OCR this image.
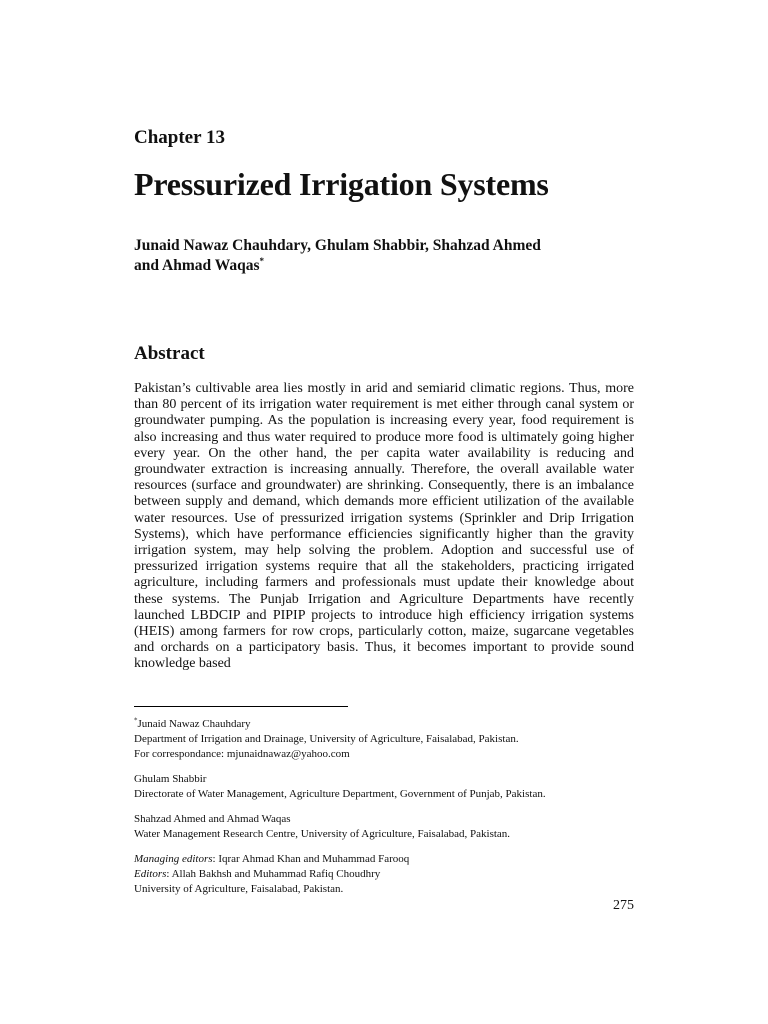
Chapter 13
Pressurized Irrigation Systems
Junaid Nawaz Chauhdary, Ghulam Shabbir, Shahzad Ahmed
and Ahmad Waqas*
Abstract

Pakistan’s cultivable area lies mostly in arid and semiarid climatic regions. Thus, more than 80 percent of its irrigation water requirement is met either through canal system or groundwater pumping. As the population is increasing every year, food requirement is also increasing and thus water required to produce more food is ultimately going higher every year. On the other hand, the per capita water availability is reducing and groundwater extraction is increasing annually. Therefore, the overall available water resources (surface and groundwater) are shrinking. Consequently, there is an imbalance between supply and demand, which demands more efficient utilization of the available water resources. Use of pressurized irrigation systems (Sprinkler and Drip Irrigation Systems), which have performance efficiencies significantly higher than the gravity irrigation system, may help solving the problem. Adoption and successful use of pressurized irrigation systems require that all the stakeholders, practicing irrigated agriculture, including farmers and professionals must update their knowledge about these systems. The Punjab Irrigation and Agriculture Departments have recently launched LBDCIP and PIPIP projects to introduce high efficiency irrigation systems (HEIS) among farmers for row crops, particularly cotton, maize, sugarcane vegetables and orchards on a participatory basis. Thus, it becomes important to provide sound knowledge based

*Junaid Nawaz Chauhdary

Department of Irrigation and Drainage, University of Agriculture, Faisalabad, Pakistan.

For correspondance: mjunaidnawaz@yahoo.com

Ghulam Shabbir

Directorate of Water Management, Agriculture Department, Government of Punjab, Pakistan.

Shahzad Ahmed and Ahmad Waqas

Water Management Research Centre, University of Agriculture, Faisalabad, Pakistan.

Managing editors: Iqrar Ahmad Khan and Muhammad Farooq

Editors: Allah Bakhsh and Muhammad Rafiq Choudhry

University of Agriculture, Faisalabad, Pakistan.

275
